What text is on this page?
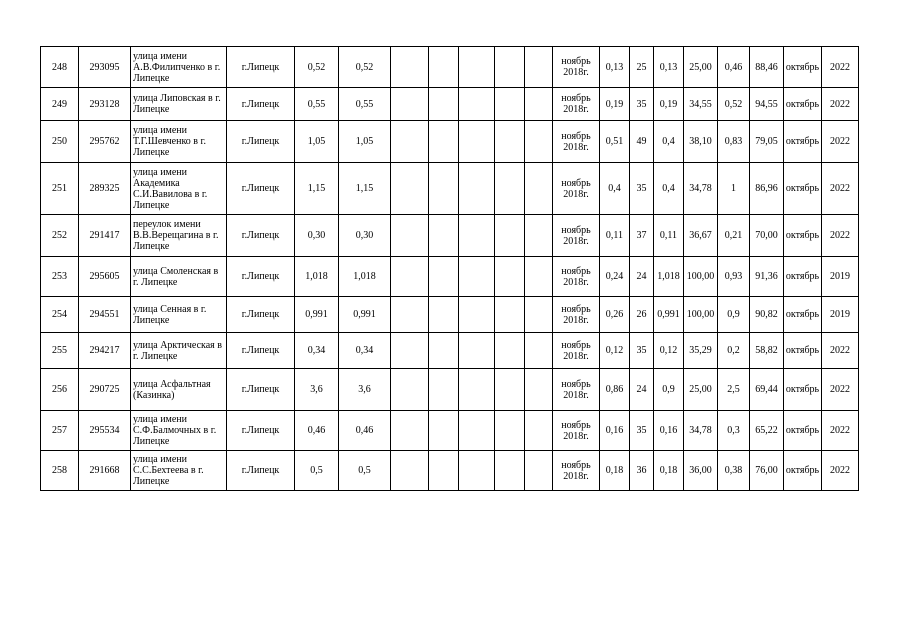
248	293095	улица имени А.В.Филипченко в г. Липецке	г.Липецк	0,52	0,52						ноябрь 2018г.	0,13	25	0,13	25,00	0,46	88,46	октябрь	2022
249	293128	улица Липовская в г. Липецке	г.Липецк	0,55	0,55						ноябрь 2018г.	0,19	35	0,19	34,55	0,52	94,55	октябрь	2022
250	295762	улица имени Т.Г.Шевченко в г. Липецке	г.Липецк	1,05	1,05						ноябрь 2018г.	0,51	49	0,4	38,10	0,83	79,05	октябрь	2022
251	289325	улица имени Академика С.И.Вавилова в г. Липецке	г.Липецк	1,15	1,15						ноябрь 2018г.	0,4	35	0,4	34,78	1	86,96	октябрь	2022
252	291417	переулок имени В.В.Верещагина в г. Липецке	г.Липецк	0,30	0,30						ноябрь 2018г.	0,11	37	0,11	36,67	0,21	70,00	октябрь	2022
253	295605	улица Смоленская в г. Липецке	г.Липецк	1,018	1,018						ноябрь 2018г.	0,24	24	1,018	100,00	0,93	91,36	октябрь	2019
254	294551	улица Сенная в г. Липецке	г.Липецк	0,991	0,991						ноябрь 2018г.	0,26	26	0,991	100,00	0,9	90,82	октябрь	2019
255	294217	улица Арктическая в г. Липецке	г.Липецк	0,34	0,34						ноябрь 2018г.	0,12	35	0,12	35,29	0,2	58,82	октябрь	2022
256	290725	улица Асфальтная (Казинка)	г.Липецк	3,6	3,6						ноябрь 2018г.	0,86	24	0,9	25,00	2,5	69,44	октябрь	2022
257	295534	улица имени С.Ф.Балмочных в г. Липецке	г.Липецк	0,46	0,46						ноябрь 2018г.	0,16	35	0,16	34,78	0,3	65,22	октябрь	2022
258	291668	улица имени С.С.Бехтеева в г. Липецке	г.Липецк	0,5	0,5						ноябрь 2018г.	0,18	36	0,18	36,00	0,38	76,00	октябрь	2022
